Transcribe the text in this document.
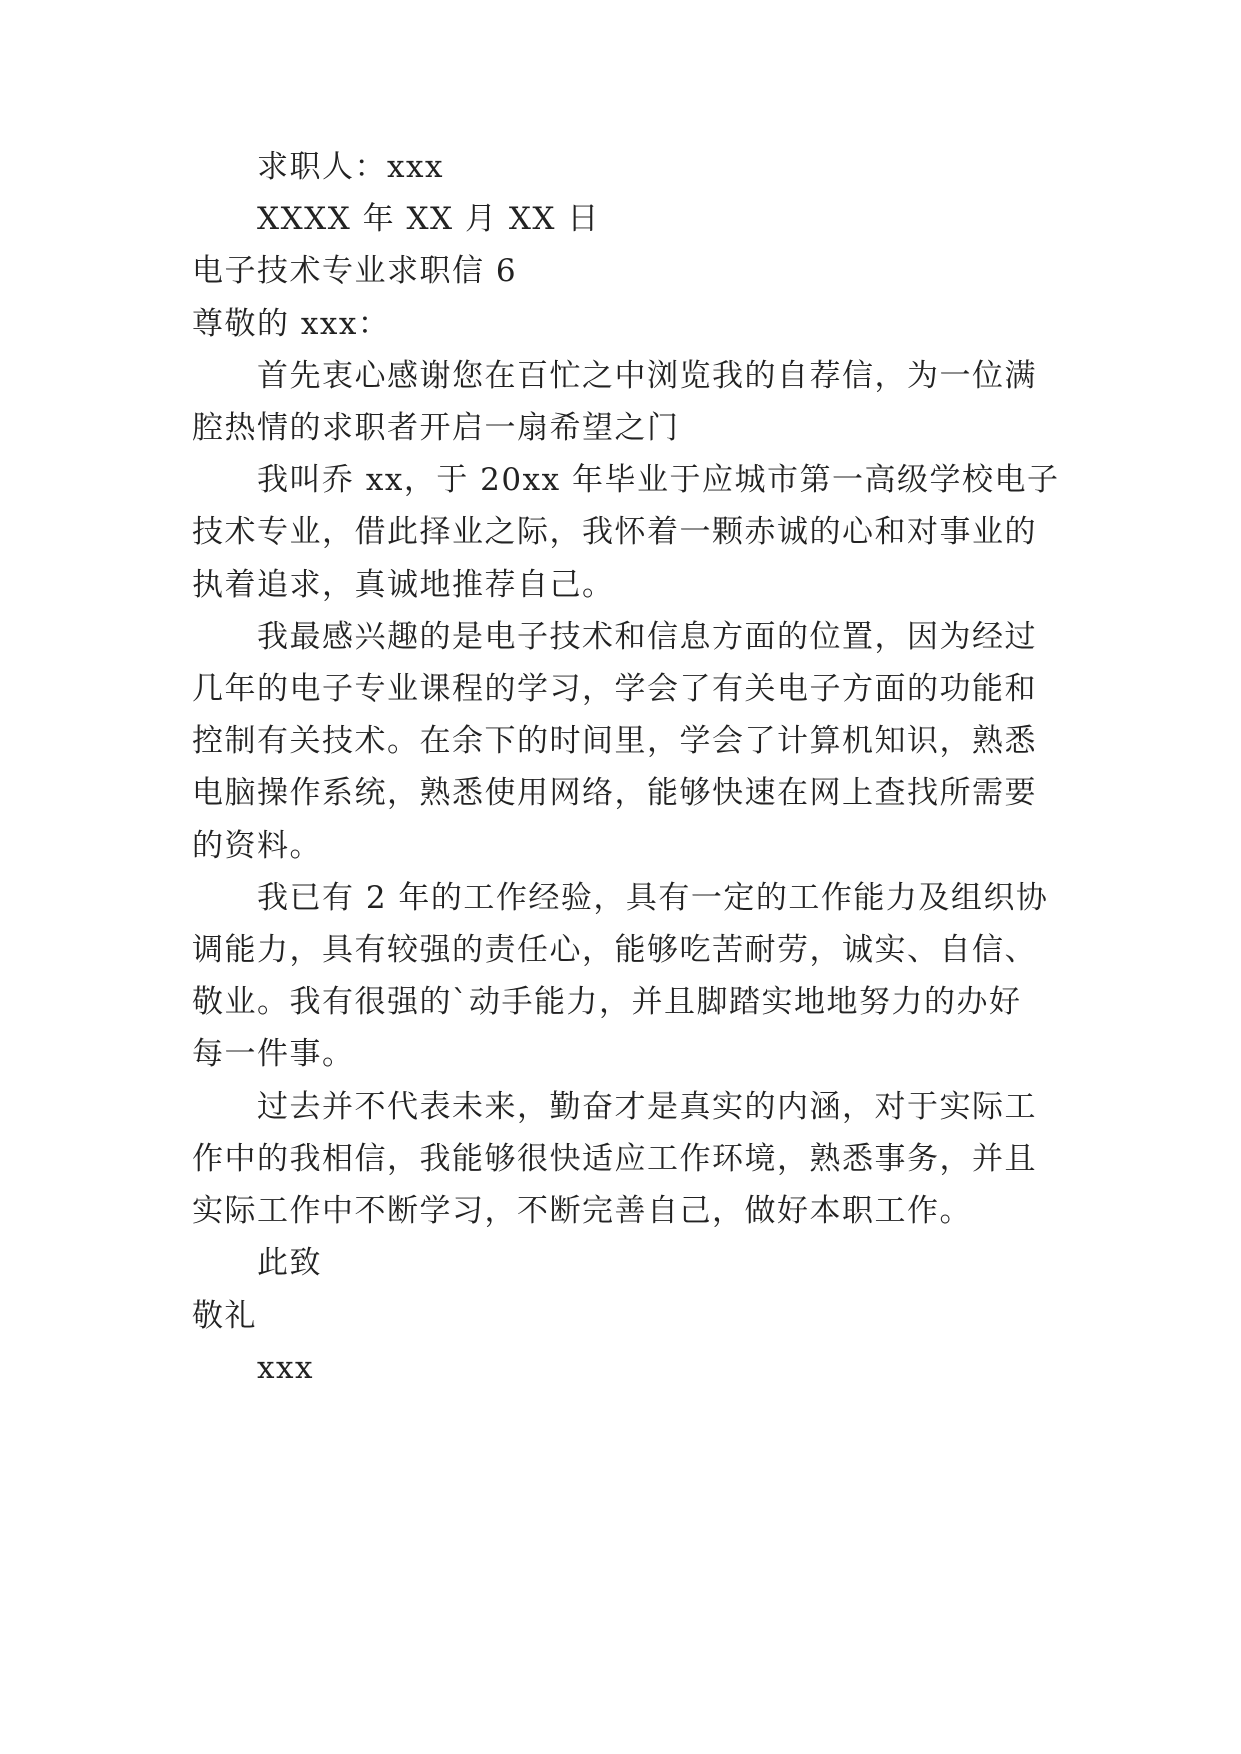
求职人：xxx
XXXX 年 XX 月 XX 日
电子技术专业求职信 6
尊敬的 xxx：
首先衷心感谢您在百忙之中浏览我的自荐信，为一位满
腔热情的求职者开启一扇希望之门
我叫乔 xx，于 20xx 年毕业于应城市第一高级学校电子
技术专业，借此择业之际，我怀着一颗赤诚的心和对事业的
执着追求，真诚地推荐自己。
我最感兴趣的是电子技术和信息方面的位置，因为经过
几年的电子专业课程的学习，学会了有关电子方面的功能和
控制有关技术。在余下的时间里，学会了计算机知识，熟悉
电脑操作系统，熟悉使用网络，能够快速在网上查找所需要
的资料。
我已有 2 年的工作经验，具有一定的工作能力及组织协
调能力，具有较强的责任心，能够吃苦耐劳，诚实、自信、
敬业。我有很强的`动手能力，并且脚踏实地地努力的办好
每一件事。
过去并不代表未来，勤奋才是真实的内涵，对于实际工
作中的我相信，我能够很快适应工作环境，熟悉事务，并且
实际工作中不断学习，不断完善自己，做好本职工作。
此致
敬礼
xxx
